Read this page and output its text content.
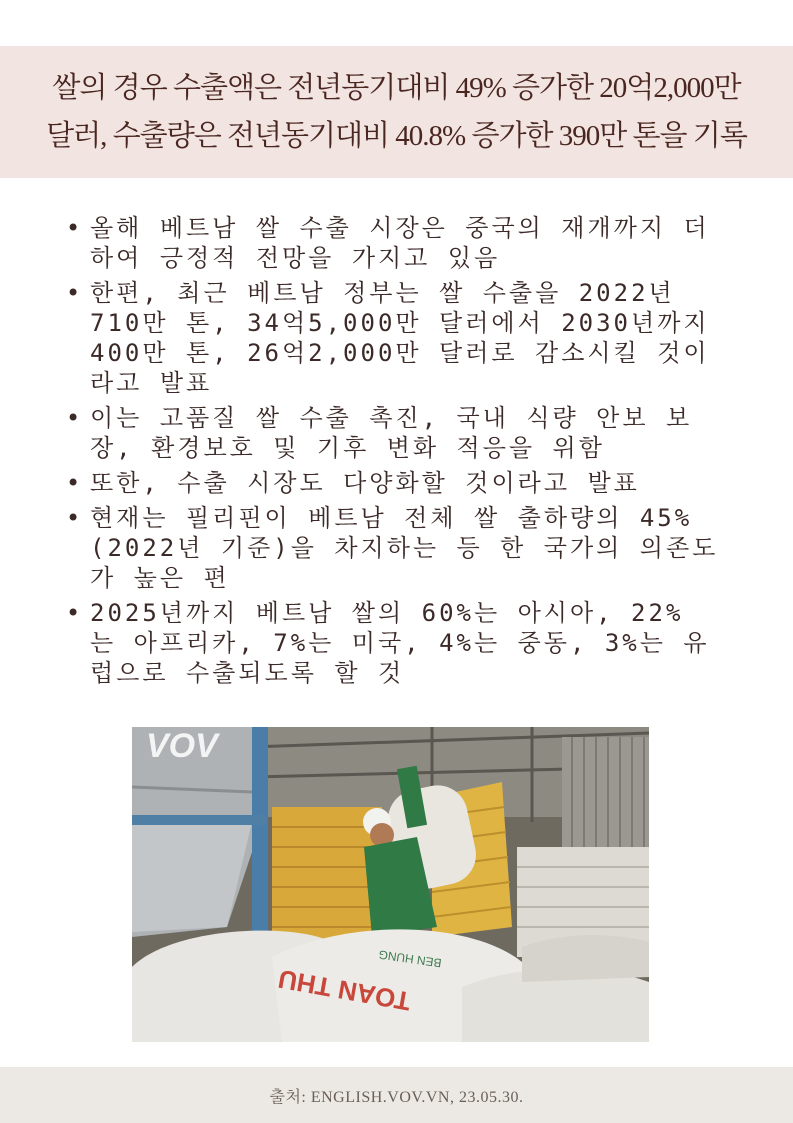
쌀의 경우 수출액은 전년동기대비 49% 증가한 20억2,000만
달러, 수출량은 전년동기대비 40.8% 증가한 390만 톤을 기록
• 올해 베트남 쌀 수출 시장은 중국의 재개까지 더
하여 긍정적 전망을 가지고 있음
• 한편, 최근 베트남 정부는 쌀 수출을 2022년
710만 톤, 34억5,000만 달러에서 2030년까지
400만 톤, 26억2,000만 달러로 감소시킬 것이
라고 발표
• 이는 고품질 쌀 수출 촉진, 국내 식량 안보 보
장, 환경보호 및 기후 변화 적응을 위함
• 또한, 수출 시장도 다양화할 것이라고 발표
• 현재는 필리핀이 베트남 전체 쌀 출하량의 45%
(2022년 기준)을 차지하는 등 한 국가의 의존도
가 높은 편
• 2025년까지 베트남 쌀의 60%는 아시아, 22%
는 아프리카, 7%는 미국, 4%는 중동, 3%는 유
럽으로 수출되도록 할 것
TOAN THU
BEN HUNG
VOV
출처: ENGLISH.VOV.VN, 23.05.30.
